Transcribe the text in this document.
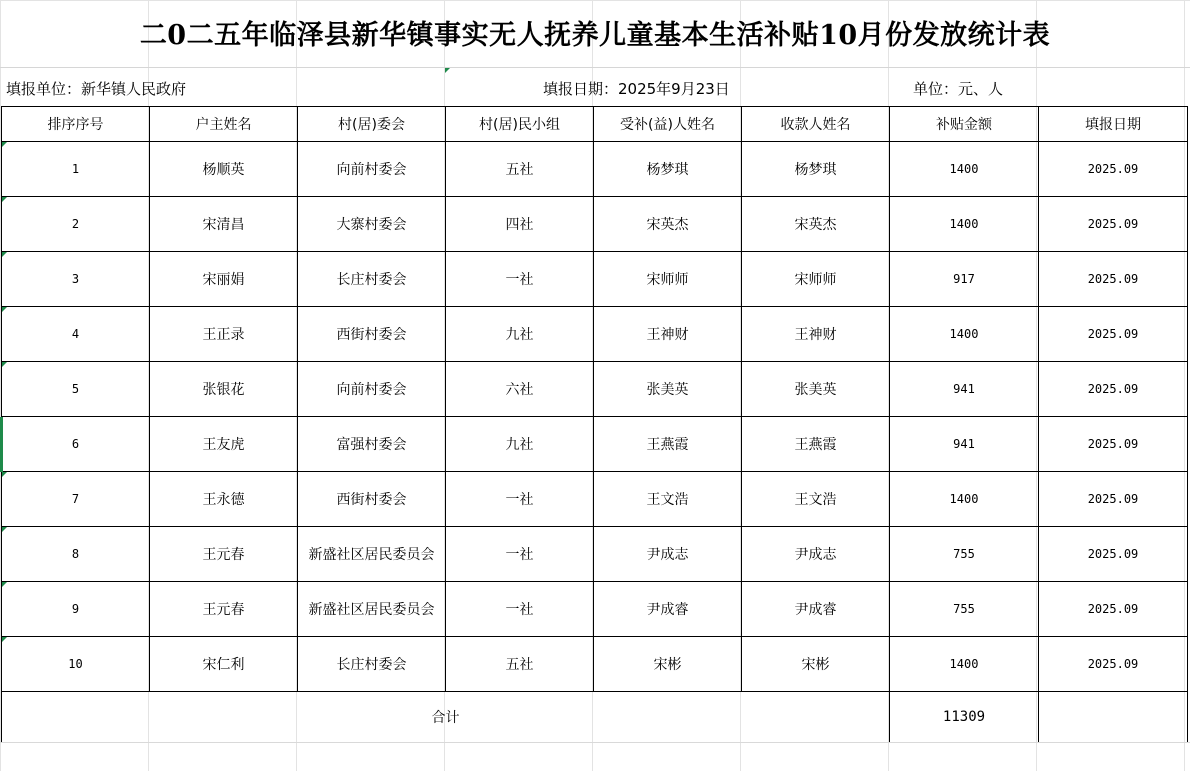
二0二五年临泽县新华镇事实无人抚养儿童基本生活补贴10月份发放统计表
填报单位：新华镇人民政府	填报日期：2025年9月23日	单位：元、人
排序序号	户主姓名	村(居)委会	村(居)民小组	受补(益)人姓名	收款人姓名	补贴金额	填报日期
1	杨顺英	向前村委会	五社	杨梦琪	杨梦琪	1400	2025.09
2	宋清昌	大寨村委会	四社	宋英杰	宋英杰	1400	2025.09
3	宋丽娟	长庄村委会	一社	宋师师	宋师师	917	2025.09
4	王正录	西街村委会	九社	王神财	王神财	1400	2025.09
5	张银花	向前村委会	六社	张美英	张美英	941	2025.09
6	王友虎	富强村委会	九社	王燕霞	王燕霞	941	2025.09
7	王永德	西街村委会	一社	王文浩	王文浩	1400	2025.09
8	王元春	新盛社区居民委员会	一社	尹成志	尹成志	755	2025.09
9	王元春	新盛社区居民委员会	一社	尹成睿	尹成睿	755	2025.09
10	宋仁利	长庄村委会	五社	宋彬	宋彬	1400	2025.09
合计						11309	
